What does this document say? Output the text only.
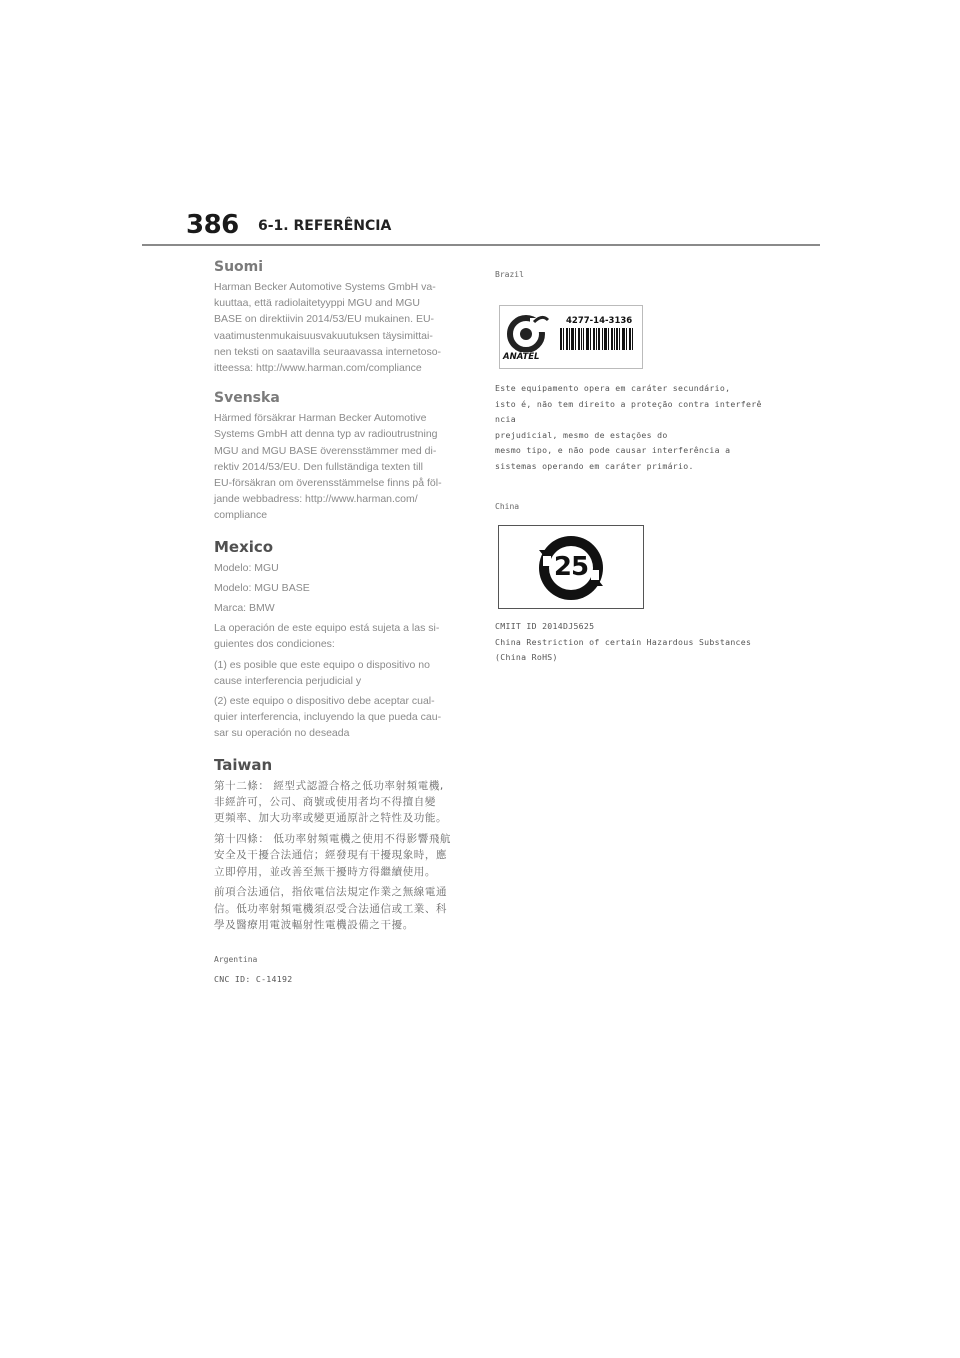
386 6-1. REFERÊNCIA
Suomi

Harman Becker Automotive Systems GmbH va-
kuuttaa, että radiolaitetyyppi MGU and MGU
BASE on direktiivin 2014/53/EU mukainen. EU-
vaatimustenmukaisuusvakuutuksen täysimittai-
nen teksti on saatavilla seuraavassa internetoso-
itteessa: http://www.harman.com/compliance

Svenska

Härmed försäkrar Harman Becker Automotive
Systems GmbH att denna typ av radioutrustning
MGU and MGU BASE överensstämmer med di-
rektiv 2014/53/EU. Den fullständiga texten till
EU-försäkran om överensstämmelse finns på föl-
jande webbadress: http://www.harman.com/
compliance

Mexico

Modelo: MGU

Modelo: MGU BASE

Marca: BMW

La operación de este equipo está sujeta a las si-
guientes dos condiciones:

(1) es posible que este equipo o dispositivo no
cause interferencia perjudicial y

(2) este equipo o dispositivo debe aceptar cual-
quier interferencia, incluyendo la que pueda cau-
sar su operación no deseada

Taiwan

第十二條： 經型式認證合格之低功率射頻電機,
非經許可，公司、商號或使用者均不得擅自變
更頻率、加大功率或變更通原計之特性及功能。

第十四條： 低功率射頻電機之使用不得影響飛航
安全及干擾合法通信；經發現有干擾現象時，應
立即停用，並改善至無干擾時方得繼續使用。

前項合法通信，指依電信法規定作業之無線電通
信。低功率射頻電機須忍受合法通信或工業、科
學及醫療用電波輻射性電機設備之干擾。

Argentina

CNC ID: C-14192

Brazil

ANATEL
4277-14-3136

Este equipamento opera em caráter secundário,
isto é, não tem direito a proteção contra interferê
ncia
prejudicial, mesmo de estações do
mesmo tipo, e não pode causar interferência a
sistemas operando em caráter primário.

China

25

CMIIT ID 2014DJ5625

China Restriction of certain Hazardous Substances
(China RoHS)
